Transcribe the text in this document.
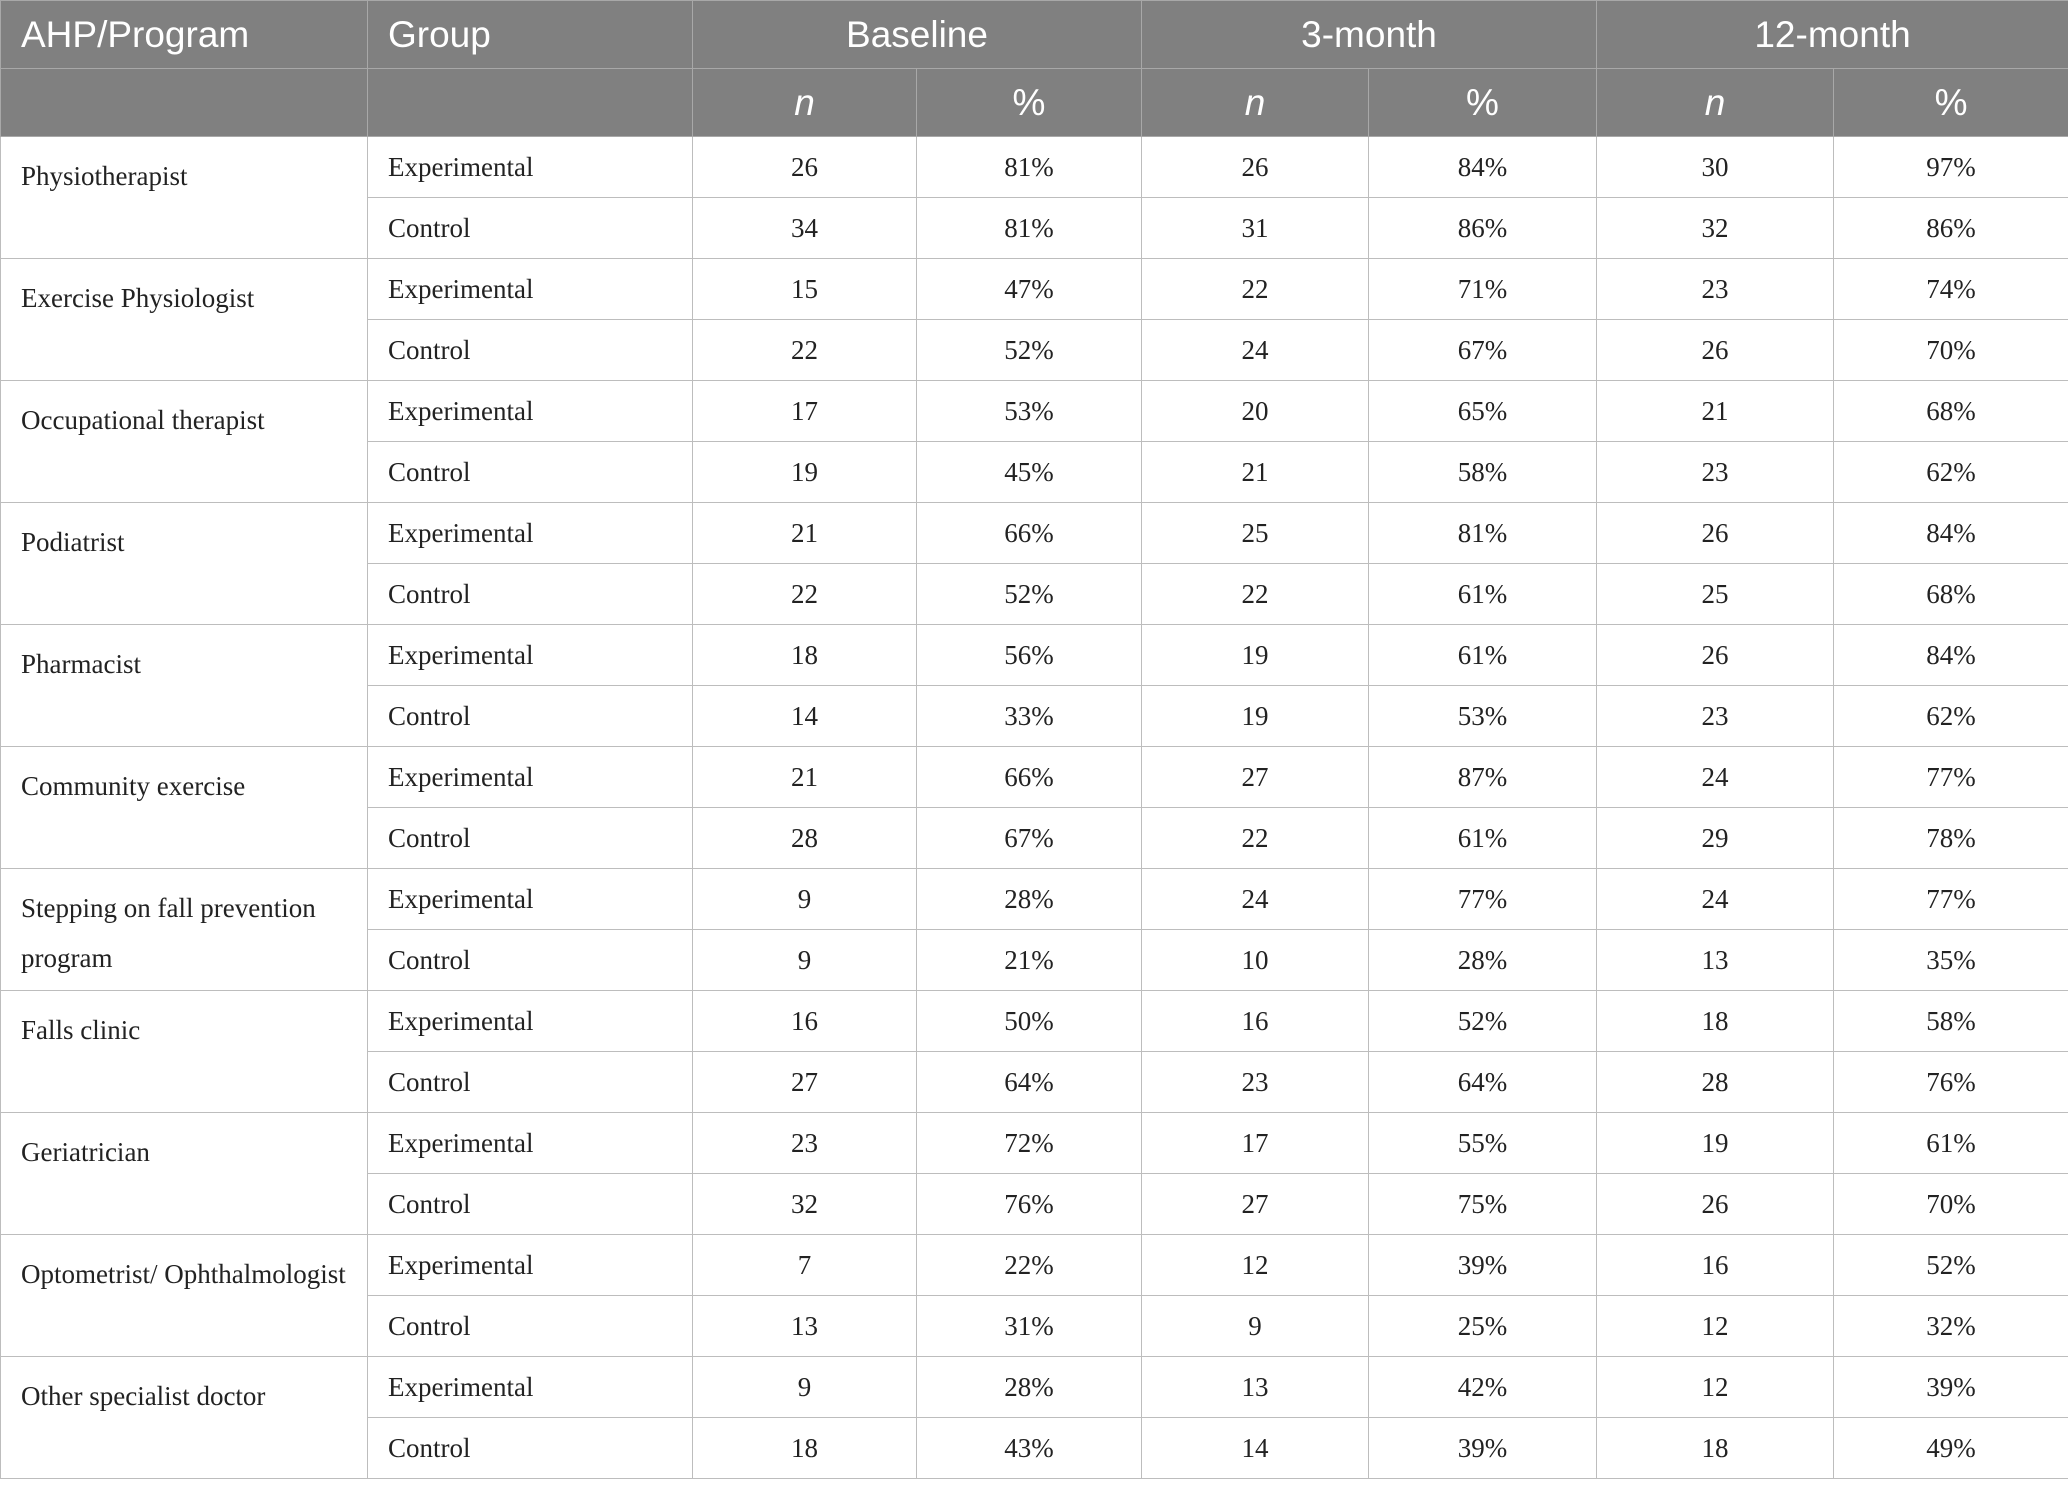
AHP/Program	Group	Baseline		3-month		12-month	
		n	%	n	%	n	%
Physiotherapist	Experimental	26	81%	26	84%	30	97%
	Control	34	81%	31	86%	32	86%
Exercise Physiologist	Experimental	15	47%	22	71%	23	74%
	Control	22	52%	24	67%	26	70%
Occupational therapist	Experimental	17	53%	20	65%	21	68%
	Control	19	45%	21	58%	23	62%
Podiatrist	Experimental	21	66%	25	81%	26	84%
	Control	22	52%	22	61%	25	68%
Pharmacist	Experimental	18	56%	19	61%	26	84%
	Control	14	33%	19	53%	23	62%
Community exercise	Experimental	21	66%	27	87%	24	77%
	Control	28	67%	22	61%	29	78%
Stepping on fall prevention program	Experimental	9	28%	24	77%	24	77%
	Control	9	21%	10	28%	13	35%
Falls clinic	Experimental	16	50%	16	52%	18	58%
	Control	27	64%	23	64%	28	76%
Geriatrician	Experimental	23	72%	17	55%	19	61%
	Control	32	76%	27	75%	26	70%
Optometrist/ Ophthalmologist	Experimental	7	22%	12	39%	16	52%
	Control	13	31%	9	25%	12	32%
Other specialist doctor	Experimental	9	28%	13	42%	12	39%
	Control	18	43%	14	39%	18	49%
